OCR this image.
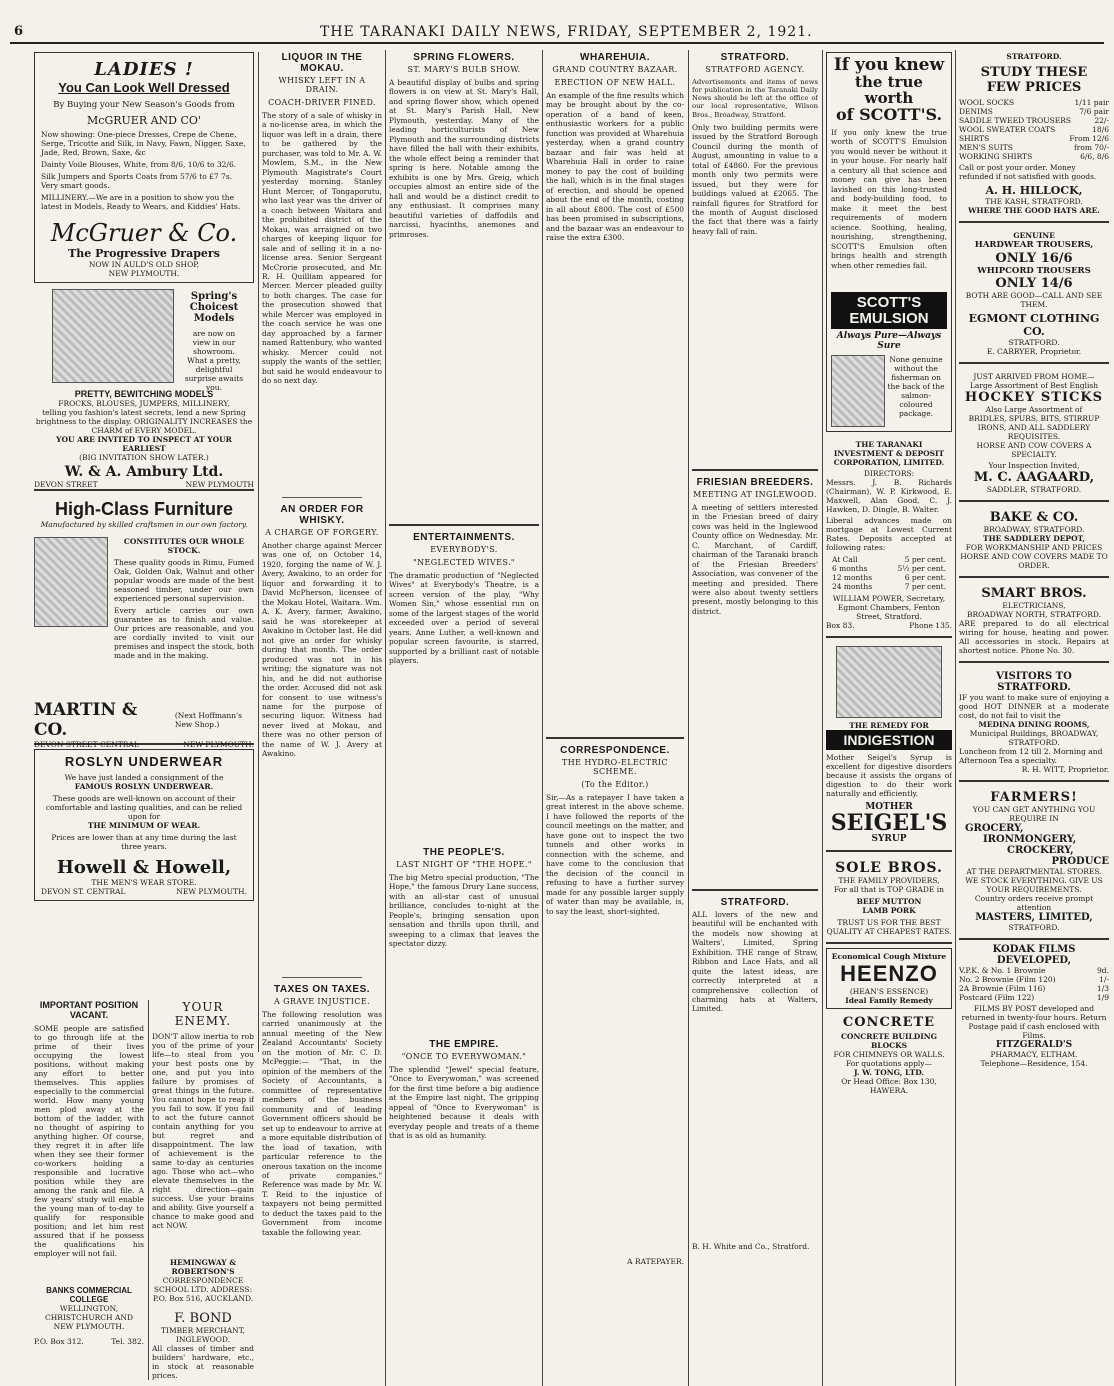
6	THE TARANAKI DAILY NEWS, FRIDAY, SEPTEMBER 2, 1921.
LADIES !
You Can Look Well Dressed
By Buying your New Season's Goods from
McGRUER AND CO'
Now showing: One-piece Dresses, Crepe de Chene, Serge, Tricotte and Silk, in Navy, Fawn, Nigger, Saxe, Jade, Red, Brown, Saxe, &c
Dainty Voile Blouses, White, from 8/6, 10/6 to 32/6.
Silk Jumpers and Sports Coats from 57/6 to £7 7s. Very smart goods.
MILLINERY.—We are in a position to show you the latest in Models, Ready to Wears, and Kiddies' Hats.
McGruer & Co.
The Progressive Drapers
NOW IN AULD'S OLD SHOP,
NEW PLYMOUTH.
Spring's Choicest Models
are now on view in our showroom. What a pretty, delightful surprise awaits you.
PRETTY, BEWITCHING MODELS
FROCKS, BLOUSES, JUMPERS, MILLINERY,
telling you fashion's latest secrets, lend a new Spring brightness to the display. ORIGINALITY INCREASES the CHARM of EVERY MODEL.
YOU ARE INVITED TO INSPECT AT YOUR EARLIEST
(BIG INVITATION SHOW LATER.)
W. & A. Ambury Ltd.
DEVON STREET	NEW PLYMOUTH
High-Class Furniture
Manufactured by skilled craftsmen in our own factory.
CONSTITUTES OUR WHOLE STOCK.
These quality goods in Rimu, Fumed Oak, Golden Oak, Walnut and other popular woods are made of the best seasoned timber, under our own experienced personal supervision.
Every article carries our own guarantee as to finish and value. Our prices are reasonable, and you are cordially invited to visit our premises and inspect the stock, both made and in the making.
MARTIN & CO.
(Next Hoffmann's New Shop.)
DEVON STREET CENTRAL	NEW PLYMOUTH.
ROSLYN UNDERWEAR
We have just landed a consignment of the
FAMOUS ROSLYN UNDERWEAR.
These goods are well-known on account of their comfortable and lasting qualities, and can be relied upon for
THE MINIMUM OF WEAR.
Prices are lower than at any time during the last three years.
Howell & Howell,
THE MEN'S WEAR STORE.
DEVON ST. CENTRAL	NEW PLYMOUTH.
IMPORTANT POSITION VACANT.
SOME people are satisfied to go through life at the prime of their lives occupying the lowest positions, without making any effort to better themselves. This applies especially to the commercial world. How many young men plod away at the bottom of the ladder, with no thought of aspiring to anything higher. Of course, they regret it in after life when they see their former co-workers holding a responsible and lucrative position while they are among the rank and file. A few years' study will enable the young man of to-day to qualify for responsible position; and let him rest assured that if he possess the qualifications his employer will not fail.
BANKS COMMERCIAL COLLEGE
WELLINGTON, CHRISTCHURCH AND NEW PLYMOUTH.
P.O. Box 312.	Tel. 382.
YOUR ENEMY.
DON'T allow inertia to rob you of the prime of your life—to steal from you your best posts one by one, and put you into failure by promises of great things in the future. You cannot hope to reap if you fail to sow. If you fail to act the future cannot contain anything for you but regret and disappointment. The law of achievement is the same to-day as centuries ago. Those who act—who elevate themselves in the right direction—gain success. Use your brains and ability. Give yourself a chance to make good and act NOW.
HEMINGWAY & ROBERTSON'S
CORRESPONDENCE SCHOOL LTD. ADDRESS: P.O. Box 516, AUCKLAND.
F. BOND
TIMBER MERCHANT, INGLEWOOD.
All classes of timber and builders' hardware, etc., in stock at reasonable prices.
LIQUOR IN THE MOKAU.
WHISKY LEFT IN A DRAIN.
COACH-DRIVER FINED.
The story of a sale of whisky in a no-license area, in which the liquor was left in a drain, there to be gathered by the purchaser, was told to Mr. A. W. Mowlem, S.M., in the New Plymouth Magistrate's Court yesterday morning. Stanley Hunt Mercer, of Tongaporutu, who last year was the driver of a coach between Waitara and the prohibited district of the Mokau, was arraigned on two charges of keeping liquor for sale and of selling it in a no-license area. Senior Sergeant McCrorie prosecuted, and Mr. R. H. Quilliam appeared for Mercer. Mercer pleaded guilty to both charges. The case for the prosecution showed that while Mercer was employed in the coach service he was one day approached by a farmer named Rattenbury, who wanted whisky. Mercer could not supply the wants of the settler, but said he would endeavour to do so next day.
AN ORDER FOR WHISKY.
A CHARGE OF FORGERY.
Another charge against Mercer was one of, on October 14, 1920, forging the name of W. J. Avery, Awakino, to an order for liquor and forwarding it to David McPherson, licensee of the Mokau Hotel, Waitara. Wm. A. K. Avery, farmer, Awakino, said he was storekeeper at Awakino in October last. He did not give an order for whisky during that month. The order produced was not in his writing; the signature was not his, and he did not authorise the order. Accused did not ask for consent to use witness's name for the purpose of securing liquor. Witness had never lived at Mokau, and there was no other person of the name of W. J. Avery at Awakino.
TAXES ON TAXES.
A GRAVE INJUSTICE.
The following resolution was carried unanimously at the annual meeting of the New Zealand Accountants' Society on the motion of Mr. C. D. McPeggie:— "That, in the opinion of the members of the Society of Accountants, a committee of representative members of the business community and of leading Government officers should be set up to endeavour to arrive at a more equitable distribution of the load of taxation, with particular reference to the onerous taxation on the income of private companies." Reference was made by Mr. W. T. Reid to the injustice of taxpayers not being permitted to deduct the taxes paid to the Government from income taxable the following year.
SPRING FLOWERS.
ST. MARY'S BULB SHOW.
A beautiful display of bulbs and spring flowers is on view at St. Mary's Hall, and spring flower show, which opened at St. Mary's Parish Hall, New Plymouth, yesterday. Many of the leading horticulturists of New Plymouth and the surrounding districts have filled the hall with their exhibits, the whole effect being a reminder that spring is here. Notable among the exhibits is one by Mrs. Greig, which occupies almost an entire side of the hall and would be a distinct credit to any enthusiast. It comprises many beautiful varieties of daffodils and narcissi, hyacinths, anemones and primroses.
ENTERTAINMENTS.
EVERYBODY'S.
"NEGLECTED WIVES."
The dramatic production of "Neglected Wives" at Everybody's Theatre, is a screen version of the play, "Why Women Sin," whose essential run on some of the largest stages of the world exceeded over a period of several years. Anne Luther, a well-known and popular screen favourite, is starred, supported by a brilliant cast of notable players.
THE PEOPLE'S.
LAST NIGHT OF "THE HOPE."
The big Metro special production, "The Hope," the famous Drury Lane success, with an all-star cast of unusual brilliance, concludes to-night at the People's, bringing sensation upon sensation and thrills upon thrill, and sweeping to a climax that leaves the spectator dizzy.
THE EMPIRE.
"ONCE TO EVERYWOMAN."
The splendid "Jewel" special feature, "Once to Everywoman," was screened for the first time before a big audience at the Empire last night. The gripping appeal of "Once to Everywoman" is heightened because it deals with everyday people and treats of a theme that is as old as humanity.
WHAREHUIA.
GRAND COUNTRY BAZAAR.
ERECTION OF NEW HALL.
An example of the fine results which may be brought about by the co-operation of a band of keen, enthusiastic workers for a public function was provided at Wharehuia yesterday, when a grand country bazaar and fair was held at Wharehuia Hall in order to raise money to pay the cost of building the hall, which is in the final stages of erection, and should be opened about the end of the month, costing in all about £800. The cost of £500 has been promised in subscriptions, and the bazaar was an endeavour to raise the extra £300.
CORRESPONDENCE.
THE HYDRO-ELECTRIC SCHEME.
(To the Editor.)
Sir,—As a ratepayer I have taken a great interest in the above scheme. I have followed the reports of the council meetings on the matter, and have gone out to inspect the two tunnels and other works in connection with the scheme, and have come to the conclusion that the decision of the council in refusing to have a further survey made for any possible larger supply of water than may be available, is, to say the least, short-sighted.
A RATEPAYER.
STRATFORD.
STRATFORD AGENCY.
Advertisements and items of news for publication in the Taranaki Daily News should be left at the office of our local representative, Wilson Bros., Broadway, Stratford.
Only two building permits were issued by the Stratford Borough Council during the month of August, amounting in value to a total of £4860. For the previous month only two permits were issued, but they were for buildings valued at £2065. The rainfall figures for Stratford for the month of August disclosed the fact that there was a fairly heavy fall of rain.
FRIESIAN BREEDERS.
MEETING AT INGLEWOOD.
A meeting of settlers interested in the Friesian breed of dairy cows was held in the Inglewood County office on Wednesday. Mr. C. Marchant, of Cardiff, chairman of the Taranaki branch of the Friesian Breeders' Association, was convener of the meeting and presided. There were also about twenty settlers present, mostly belonging to this district.
STRATFORD.
ALL lovers of the new and beautiful will be enchanted with the models now showing at Walters', Limited, Spring Exhibition. THE range of Straw, Ribbon and Lace Hats, and all quite the latest ideas, are correctly interpreted at a comprehensive collection of charming hats at Walters, Limited.
B. H. White and Co., Stratford.
If you knew
the true worth
of SCOTT'S.
If you only knew the true worth of SCOTT'S Emulsion you would never be without it in your house. For nearly half a century all that science and money can give has been lavished on this long-trusted and body-building food, to make it meet the best requirements of modern science. Soothing, healing, nourishing, strengthening, SCOTT'S Emulsion often brings health and strength when other remedies fail.
SCOTT'S EMULSION
Always Pure—Always Sure
None genuine without the fisherman on the back of the salmon-coloured package.
THE TARANAKI INVESTMENT & DEPOSIT CORPORATION, LIMITED.
DIRECTORS:
Messrs. J. B. Richards (Chairman), W. P. Kirkwood, E. Maxwell, Alan Good, C. J. Hawken, D. Dingle, B. Walter.
Liberal advances made on mortgage at Lowest Current Rates. Deposits accepted at following rates:
At Call	5 per cent.
6 months	5½ per cent.
12 months	6 per cent.
24 months	7 per cent.
WILLIAM POWER, Secretary,
Egmont Chambers, Fenton Street, Stratford.
Box 83.	Phone 135.
THE REMEDY FOR
INDIGESTION
Mother Seigel's Syrup is excellent for digestive disorders because it assists the organs of digestion to do their work naturally and efficiently.
MOTHER
SEIGEL'S
SYRUP
SOLE BROS.
THE FAMILY PROVIDERS,
For all that is TOP GRADE in
BEEF MUTTON LAMB PORK
TRUST US FOR THE BEST QUALITY AT CHEAPEST RATES.
Economical Cough Mixture
HEENZO
(HEAN'S ESSENCE)
Ideal Family Remedy
CONCRETE
CONCRETE BUILDING BLOCKS
FOR CHIMNEYS OR WALLS.
For quotations apply—
J. W. TONG, LTD.
Or Head Office: Box 130, HAWERA.
STRATFORD.
STUDY THESE
FEW PRICES
WOOL SOCKS	1/11 pair
DENIMS	7/6 pair
SADDLE TWEED TROUSERS	22/-
WOOL SWEATER COATS	18/6
SHIRTS	From 12/6
MEN'S SUITS	from 70/-
WORKING SHIRTS	6/6, 8/6
Call or post your order. Money refunded if not satisfied with goods.
A. H. HILLOCK,
THE KASH, STRATFORD.
WHERE THE GOOD HATS ARE.
GENUINE
HARDWEAR TROUSERS,
ONLY 16/6
WHIPCORD TROUSERS
ONLY 14/6
BOTH ARE GOOD—CALL AND SEE THEM.
EGMONT CLOTHING CO.
STRATFORD.
E. CARRYER, Proprietor.
JUST ARRIVED FROM HOME—
Large Assortment of Best English
HOCKEY STICKS
Also Large Assortment of
BRIDLES, SPURS, BITS, STIRRUP IRONS, AND ALL SADDLERY REQUISITES.
HORSE AND COW COVERS A SPECIALTY.
Your Inspection Invited,
M. C. AAGAARD,
SADDLER, STRATFORD.
BAKE & CO.
BROADWAY, STRATFORD.
THE SADDLERY DEPOT,
FOR WORKMANSHIP AND PRICES
HORSE AND COW COVERS MADE TO ORDER.
SMART BROS.
ELECTRICIANS,
BROADWAY NORTH, STRATFORD.
ARE prepared to do all electrical wiring for house, heating and power. All accessories in stock. Repairs at shortest notice. Phone No. 30.
VISITORS TO STRATFORD.
IF you want to make sure of enjoying a good HOT DINNER at a moderate cost, do not fail to visit the
MEDINA DINING ROOMS,
Municipal Buildings, BROADWAY, STRATFORD.
Luncheon from 12 till 2. Morning and Afternoon Tea a specialty.
R. H. WITT, Proprietor.
FARMERS!
YOU CAN GET ANYTHING YOU REQUIRE IN
GROCERY,
IRONMONGERY,
CROCKERY,
PRODUCE
AT THE DEPARTMENTAL STORES.
WE STOCK EVERYTHING. GIVE US YOUR REQUIREMENTS.
Country orders receive prompt attention
MASTERS, LIMITED,
STRATFORD.
KODAK FILMS DEVELOPED,
V.P.K. & No. 1 Brownie	9d.
No. 2 Brownie (Film 120)	1/-
2A Brownie (Film 116)	1/3
Postcard (Film 122)	1/9
FILMS BY POST developed and returned in twenty-four hours. Return Postage paid if cash enclosed with Films.
FITZGERALD'S
PHARMACY, ELTHAM.
Telephone—Residence, 154.
